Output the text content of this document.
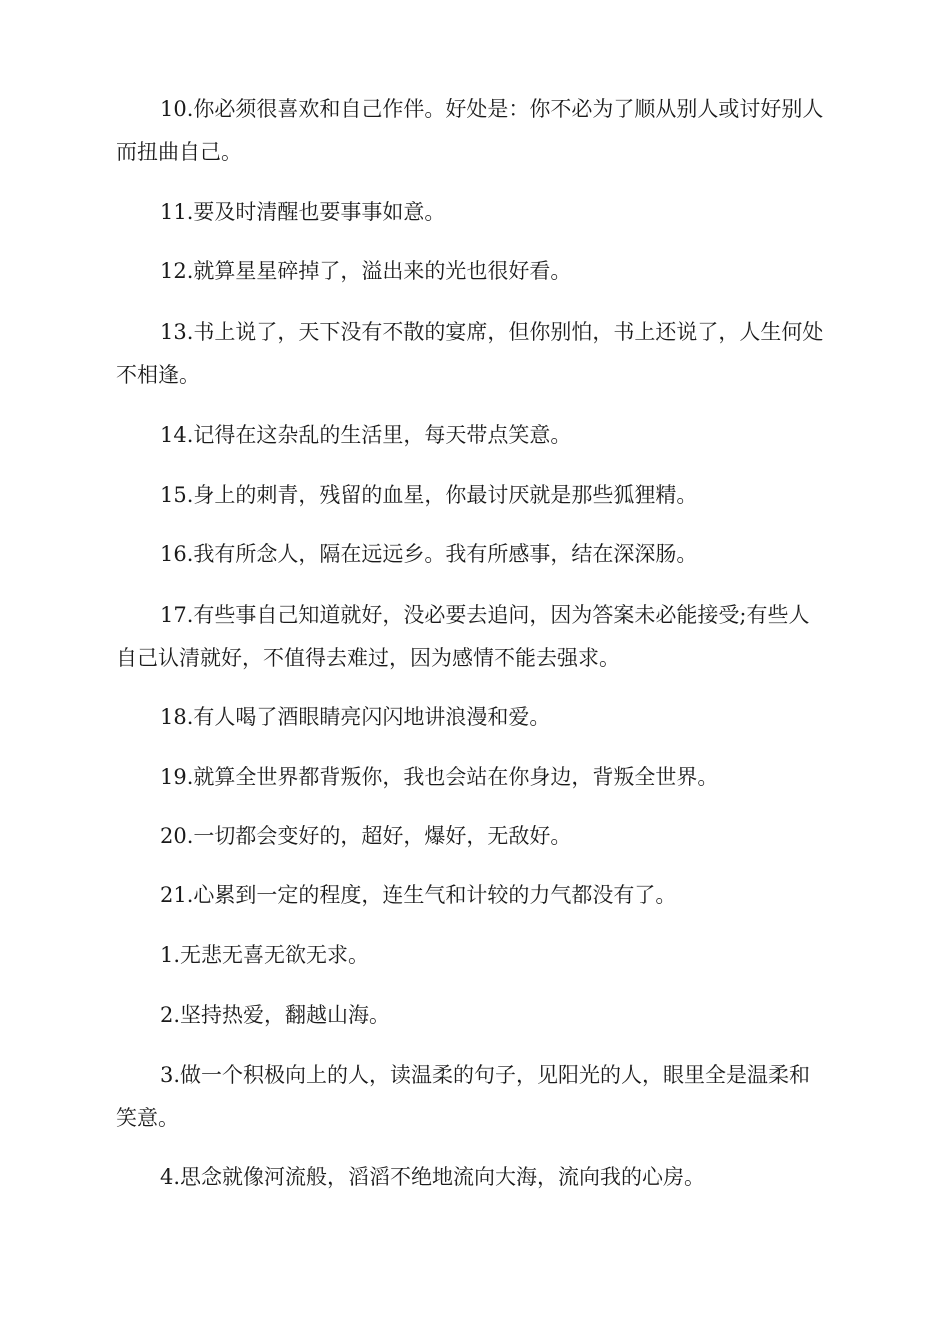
10.你必须很喜欢和自己作伴。好处是：你不必为了顺从别人或讨好别人而扭曲自己。

11.要及时清醒也要事事如意。

12.就算星星碎掉了，溢出来的光也很好看。

13.书上说了，天下没有不散的宴席，但你别怕，书上还说了，人生何处不相逢。

14.记得在这杂乱的生活里，每天带点笑意。

15.身上的刺青，残留的血星，你最讨厌就是那些狐狸精。

16.我有所念人，隔在远远乡。我有所感事，结在深深肠。

17.有些事自己知道就好，没必要去追问，因为答案未必能接受;有些人自己认清就好，不值得去难过，因为感情不能去强求。

18.有人喝了酒眼睛亮闪闪地讲浪漫和爱。

19.就算全世界都背叛你，我也会站在你身边，背叛全世界。

20.一切都会变好的，超好，爆好，无敌好。

21.心累到一定的程度，连生气和计较的力气都没有了。

1.无悲无喜无欲无求。

2.坚持热爱，翻越山海。

3.做一个积极向上的人，读温柔的句子，见阳光的人，眼里全是温柔和笑意。

4.思念就像河流般，滔滔不绝地流向大海，流向我的心房。
